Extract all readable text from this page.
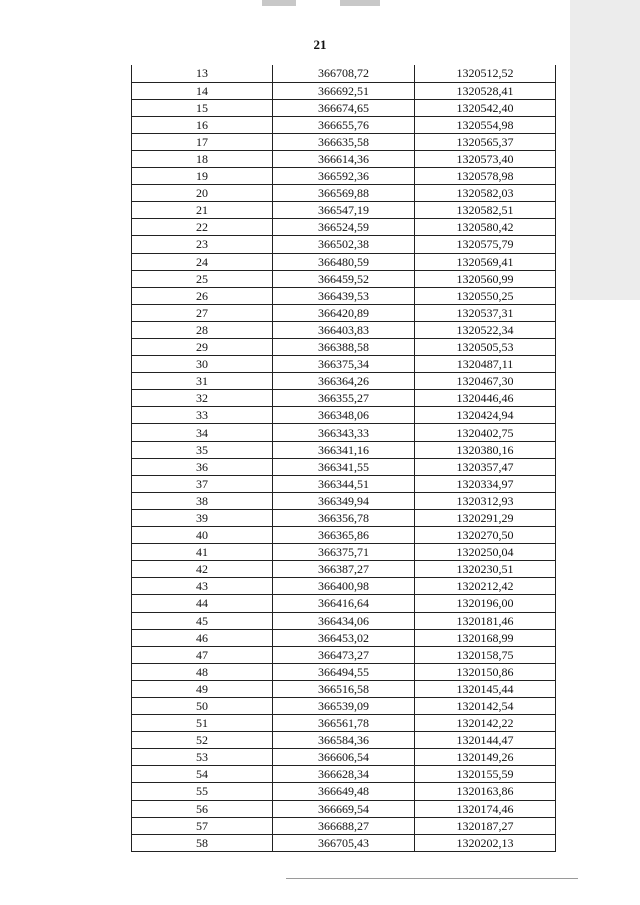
21
13	366708,72	1320512,52
14	366692,51	1320528,41
15	366674,65	1320542,40
16	366655,76	1320554,98
17	366635,58	1320565,37
18	366614,36	1320573,40
19	366592,36	1320578,98
20	366569,88	1320582,03
21	366547,19	1320582,51
22	366524,59	1320580,42
23	366502,38	1320575,79
24	366480,59	1320569,41
25	366459,52	1320560,99
26	366439,53	1320550,25
27	366420,89	1320537,31
28	366403,83	1320522,34
29	366388,58	1320505,53
30	366375,34	1320487,11
31	366364,26	1320467,30
32	366355,27	1320446,46
33	366348,06	1320424,94
34	366343,33	1320402,75
35	366341,16	1320380,16
36	366341,55	1320357,47
37	366344,51	1320334,97
38	366349,94	1320312,93
39	366356,78	1320291,29
40	366365,86	1320270,50
41	366375,71	1320250,04
42	366387,27	1320230,51
43	366400,98	1320212,42
44	366416,64	1320196,00
45	366434,06	1320181,46
46	366453,02	1320168,99
47	366473,27	1320158,75
48	366494,55	1320150,86
49	366516,58	1320145,44
50	366539,09	1320142,54
51	366561,78	1320142,22
52	366584,36	1320144,47
53	366606,54	1320149,26
54	366628,34	1320155,59
55	366649,48	1320163,86
56	366669,54	1320174,46
57	366688,27	1320187,27
58	366705,43	1320202,13
